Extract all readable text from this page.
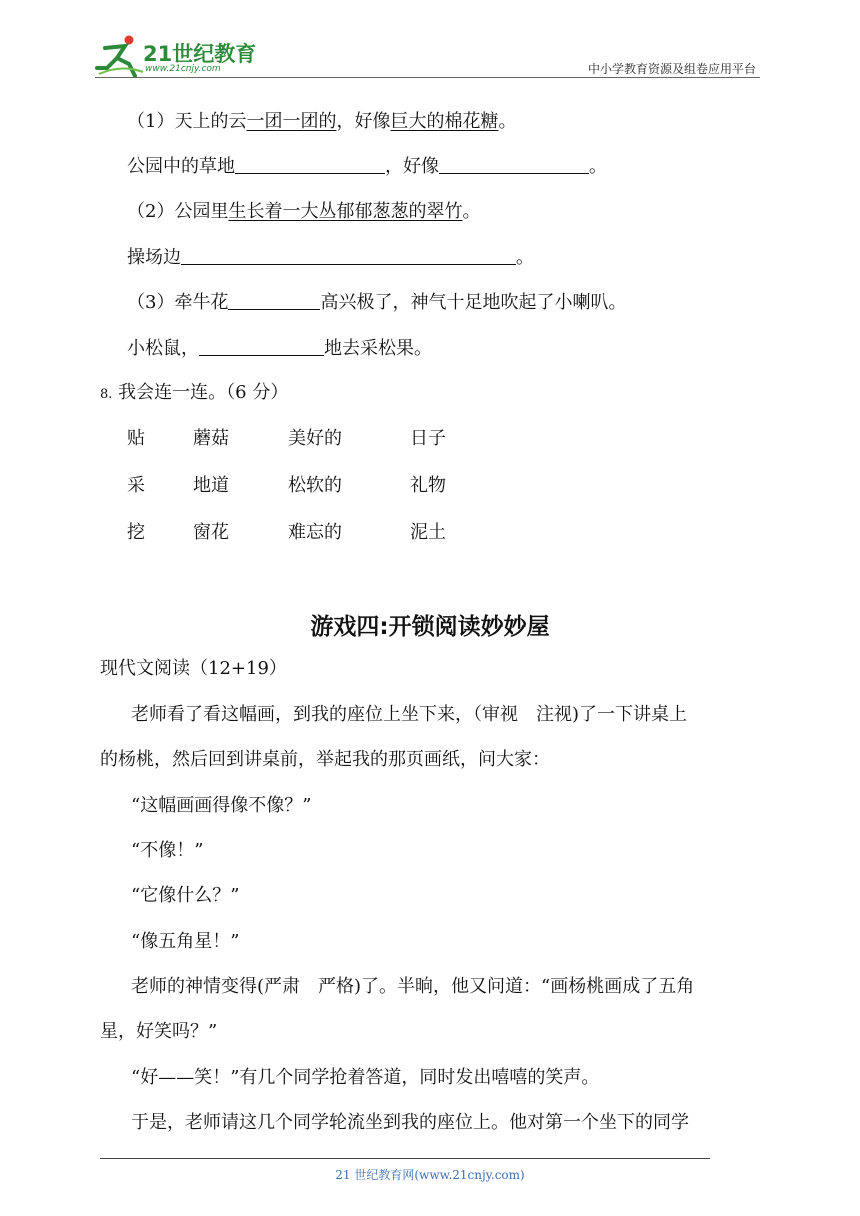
21世纪教育
www.21cnjy.com	中小学教育资源及组卷应用平台
（1）天上的云一团一团的，好像巨大的棉花糖。
公园中的草地	，好像	。
（2）公园里生长着一大丛郁郁葱葱的翠竹。
操场边	。
（3）牵牛花	高兴极了，神气十足地吹起了小喇叭。
小松鼠，	地去采松果。
8. 我会连一连。（6 分）
贴	蘑菇	美好的	日子
采	地道	松软的	礼物
挖	窗花	难忘的	泥土
游戏四:开锁阅读妙妙屋
现代文阅读（12+19）
老师看了看这幅画，到我的座位上坐下来，（审视　注视)了一下讲桌上
的杨桃，然后回到讲桌前，举起我的那页画纸，问大家：
“这幅画画得像不像？”
“不像！”
“它像什么？”
“像五角星！”
老师的神情变得(严肃　严格)了。半晌，他又问道：“画杨桃画成了五角
星，好笑吗？”
“好——笑！”有几个同学抢着答道，同时发出嘻嘻的笑声。
于是，老师请这几个同学轮流坐到我的座位上。他对第一个坐下的同学
21 世纪教育网(www.21cnjy.com)
